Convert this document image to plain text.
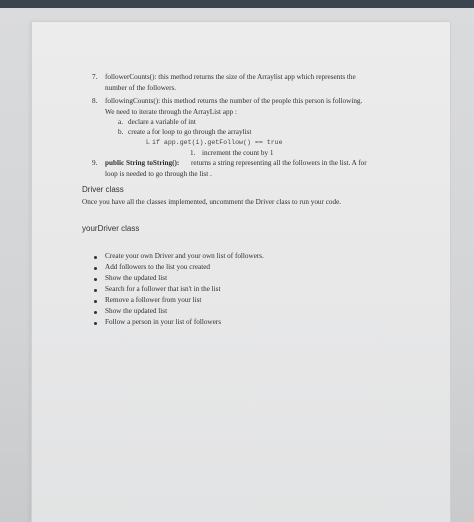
7. followerCounts(): this method returns the size of the Arraylist app which represents the
number of the followers.
8. followingCounts(): this method returns the number of the people this person is following.
We need to iterate through the ArrayList app :
a. declare a variable of int
b. create a for loop to go through the arraylist
i. if app.get(i).getFollow() == true
1. increment the count by 1
9. public String toString(): returns a string representing all the followers in the list. A for
loop is needed to go through the list .
Driver class
Once you have all the classes implemented, uncomment the Driver class to run your code.
yourDriver class
Create your own Driver and your own list of followers.
Add followers to the list you created
Show the updated list
Search for a follower that isn't in the list
Remove a follower from your list
Show the updated list
Follow a person in your list of followers
